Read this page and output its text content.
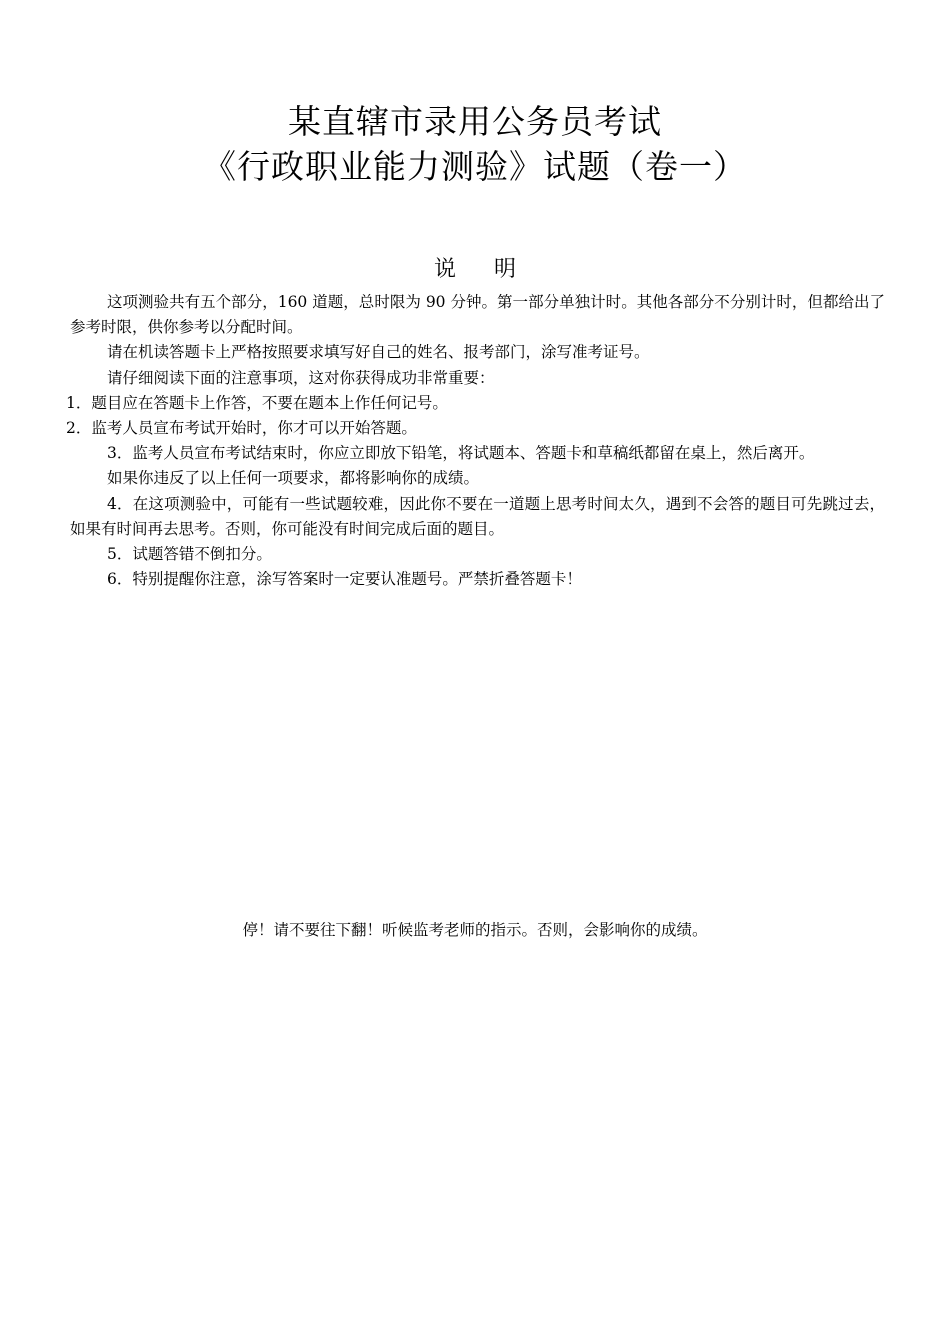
某直辖市录用公务员考试
《行政职业能力测验》试题（卷一）
说明

这项测验共有五个部分，160 道题，总时限为 90 分钟。第一部分单独计时。其他各部分不分别计时，但都给出了参考时限，供你参考以分配时间。

请在机读答题卡上严格按照要求填写好自己的姓名、报考部门，涂写准考证号。

请仔细阅读下面的注意事项，这对你获得成功非常重要：

1．题目应在答题卡上作答，不要在题本上作任何记号。

2．监考人员宣布考试开始时，你才可以开始答题。

3．监考人员宣布考试结束时，你应立即放下铅笔，将试题本、答题卡和草稿纸都留在桌上，然后离开。

如果你违反了以上任何一项要求，都将影响你的成绩。

4．在这项测验中，可能有一些试题较难，因此你不要在一道题上思考时间太久，遇到不会答的题目可先跳过去，如果有时间再去思考。否则，你可能没有时间完成后面的题目。

5．试题答错不倒扣分。

6．特别提醒你注意，涂写答案时一定要认准题号。严禁折叠答题卡！

停！请不要往下翻！听候监考老师的指示。否则，会影响你的成绩。
